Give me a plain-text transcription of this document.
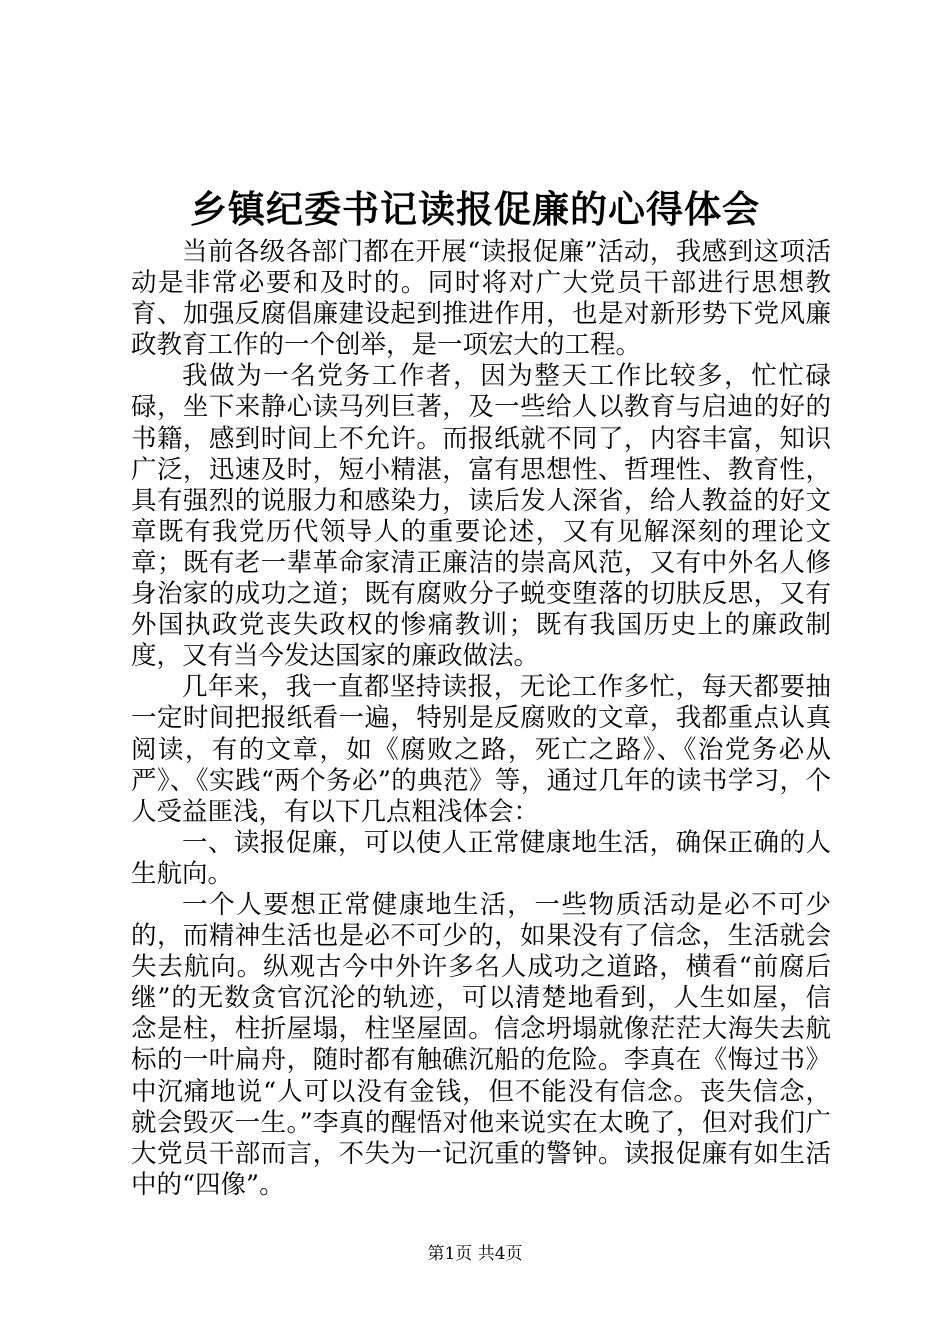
乡镇纪委书记读报促廉的心得体会

当前各级各部门都在开展“读报促廉”活动，我感到这项活动是非常必要和及时的。同时将对广大党员干部进行思想教育、加强反腐倡廉建设起到推进作用，也是对新形势下党风廉政教育工作的一个创举，是一项宏大的工程。

我做为一名党务工作者，因为整天工作比较多，忙忙碌碌，坐下来静心读马列巨著，及一些给人以教育与启迪的好的书籍，感到时间上不允许。而报纸就不同了，内容丰富，知识广泛，迅速及时，短小精湛，富有思想性、哲理性、教育性，具有强烈的说服力和感染力，读后发人深省，给人教益的好文章既有我党历代领导人的重要论述，又有见解深刻的理论文章；既有老一辈革命家清正廉洁的崇高风范，又有中外名人修身治家的成功之道；既有腐败分子蜕变堕落的切肤反思，又有外国执政党丧失政权的惨痛教训；既有我国历史上的廉政制度，又有当今发达国家的廉政做法。

几年来，我一直都坚持读报，无论工作多忙，每天都要抽一定时间把报纸看一遍，特别是反腐败的文章，我都重点认真阅读，有的文章，如《腐败之路，死亡之路》、《治党务必从严》、《实践“两个务必”的典范》等，通过几年的读书学习，个人受益匪浅，有以下几点粗浅体会：

一、读报促廉，可以使人正常健康地生活，确保正确的人生航向。

一个人要想正常健康地生活，一些物质活动是必不可少的，而精神生活也是必不可少的，如果没有了信念，生活就会失去航向。纵观古今中外许多名人成功之道路，横看“前腐后继”的无数贪官沉沦的轨迹，可以清楚地看到，人生如屋，信念是柱，柱折屋塌，柱坚屋固。信念坍塌就像茫茫大海失去航标的一叶扁舟，随时都有触礁沉船的危险。李真在《悔过书》中沉痛地说“人可以没有金钱，但不能没有信念。丧失信念，就会毁灭一生。”李真的醒悟对他来说实在太晚了，但对我们广大党员干部而言，不失为一记沉重的警钟。读报促廉有如生活中的“四像”。

第1页 共4页
